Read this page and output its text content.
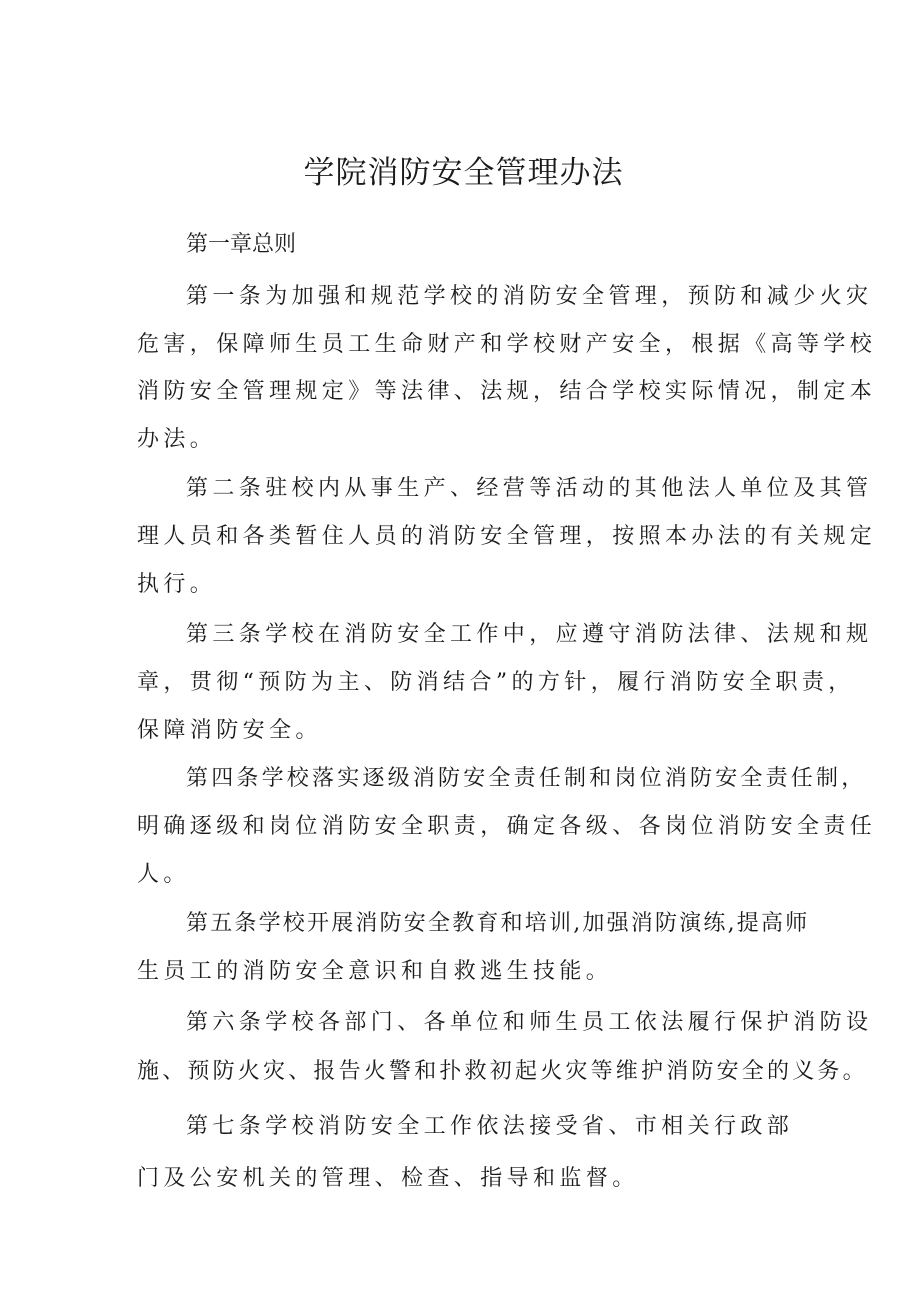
学院消防安全管理办法

第一章总则

第一条为加强和规范学校的消防安全管理，预防和减少火灾

危害，保障师生员工生命财产和学校财产安全，根据《高等学校

消防安全管理规定》等法律、法规，结合学校实际情况，制定本

办法。

第二条驻校内从事生产、经营等活动的其他法人单位及其管

理人员和各类暂住人员的消防安全管理，按照本办法的有关规定

执行。

第三条学校在消防安全工作中，应遵守消防法律、法规和规

章，贯彻“预防为主、防消结合”的方针，履行消防安全职责，

保障消防安全。

第四条学校落实逐级消防安全责任制和岗位消防安全责任制，

明确逐级和岗位消防安全职责，确定各级、各岗位消防安全责任

人。

第五条学校开展消防安全教育和培训,加强消防演练,提高师

生员工的消防安全意识和自救逃生技能。

第六条学校各部门、各单位和师生员工依法履行保护消防设

施、预防火灾、报告火警和扑救初起火灾等维护消防安全的义务。

第七条学校消防安全工作依法接受省、市相关行政部

门及公安机关的管理、检查、指导和监督。
